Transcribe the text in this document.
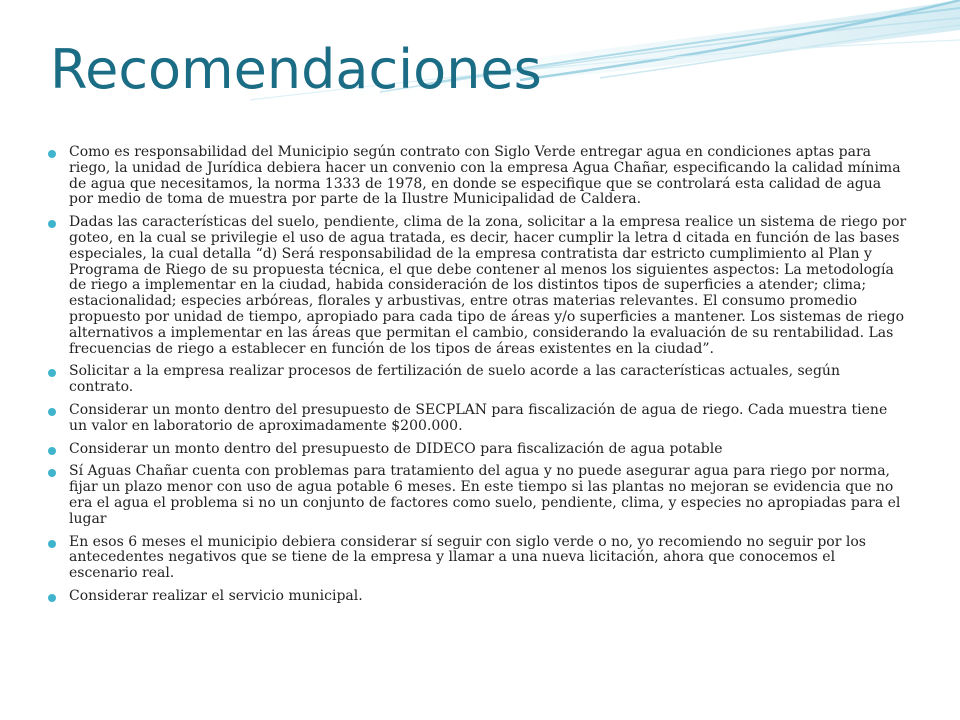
Recomendaciones
Como es responsabilidad del Municipio según contrato con Siglo Verde entregar agua en condiciones aptas para riego, la unidad de Jurídica debiera hacer un convenio con la empresa Agua Chañar, especificando la calidad mínima de agua que necesitamos, la norma 1333 de 1978, en donde se especifique que se controlará esta calidad de agua por medio de toma de muestra por parte de la Ilustre Municipalidad de Caldera.
Dadas las características del suelo, pendiente, clima de la zona, solicitar a la empresa realice un sistema de riego por goteo, en la cual se privilegie el uso de agua tratada, es decir, hacer cumplir la letra d citada en función de las bases especiales, la cual detalla “d) Será responsabilidad de la empresa contratista dar estricto cumplimiento al Plan y Programa de Riego de su propuesta técnica, el que debe contener al menos los siguientes aspectos: La metodología de riego a implementar en la ciudad, habida consideración de los distintos tipos de superficies a atender; clima; estacionalidad; especies arbóreas, florales y arbustivas, entre otras materias relevantes. El consumo promedio propuesto por unidad de tiempo, apropiado para cada tipo de áreas y/o superficies a mantener. Los sistemas de riego alternativos a implementar en las áreas que permitan el cambio, considerando la evaluación de su rentabilidad. Las frecuencias de riego a establecer en función de los tipos de áreas existentes en la ciudad”.
Solicitar a la empresa realizar procesos de fertilización de suelo acorde a las características actuales, según contrato.
Considerar un monto dentro del presupuesto de SECPLAN para fiscalización de agua de riego. Cada muestra tiene un valor en laboratorio de aproximadamente $200.000.
Considerar un monto dentro del presupuesto de DIDECO para fiscalización de agua potable
Sí Aguas Chañar cuenta con problemas para tratamiento del agua y no puede asegurar agua para riego por norma, fijar un plazo menor con uso de agua potable 6 meses. En este tiempo si las plantas no mejoran se evidencia que no era el agua el problema si no un conjunto de factores como suelo, pendiente, clima, y especies no apropiadas para el lugar
En esos 6 meses el municipio debiera considerar sí seguir con siglo verde o no, yo recomiendo no seguir por los antecedentes negativos que se tiene de la empresa y llamar a una nueva licitación, ahora que conocemos el escenario real.
Considerar realizar el servicio municipal.
